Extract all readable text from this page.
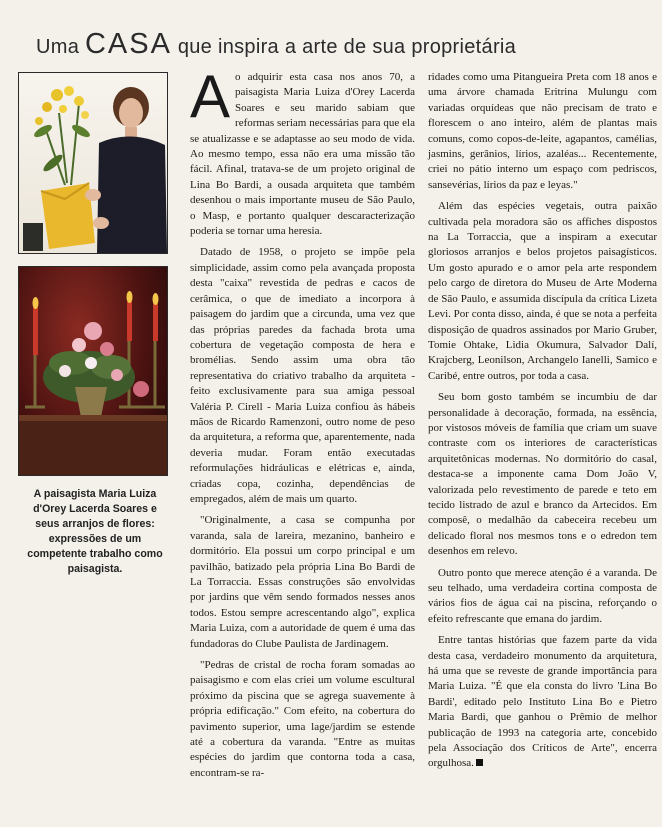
Uma CASA que inspira a arte de sua proprietária
A paisagista Maria Luiza d'Orey Lacerda Soares e seus arranjos de flores: expressões de um competente trabalho como paisagista.

Ao adquirir esta casa nos anos 70, a paisagista Maria Luiza d'Orey Lacerda Soares e seu marido sabiam que reformas seriam necessárias para que ela se atualizasse e se adaptasse ao seu modo de vida. Ao mesmo tempo, essa não era uma missão tão fácil. Afinal, tratava-se de um projeto original de Lina Bo Bardi, a ousada arquiteta que também desenhou o mais importante museu de São Paulo, o Masp, e portanto qualquer descaracterização poderia se tornar uma heresia.

Datado de 1958, o projeto se impõe pela simplicidade, assim como pela avançada proposta desta "caixa" revestida de pedras e cacos de cerâmica, o que de imediato a incorpora à paisagem do jardim que a circunda, uma vez que das próprias paredes da fachada brota uma cobertura de vegetação composta de hera e bromélias. Sendo assim uma obra tão representativa do criativo trabalho da arquiteta - feito exclusivamente para sua amiga pessoal Valéria P. Cirell - Maria Luiza confiou às hábeis mãos de Ricardo Ramenzoni, outro nome de peso da arquitetura, a reforma que, aparentemente, nada deveria mudar. Foram então executadas reformulações hidráulicas e elétricas e, ainda, criadas copa, cozinha, dependências de empregados, além de mais um quarto.

"Originalmente, a casa se compunha por varanda, sala de lareira, mezanino, banheiro e dormitório. Ela possui um corpo principal e um pavilhão, batizado pela própria Lina Bo Bardi de La Torraccia. Essas construções são envolvidas por jardins que vêm sendo formados nesses anos todos. Estou sempre acrescentando algo", explica Maria Luiza, com a autoridade de quem é uma das fundadoras do Clube Paulista de Jardinagem.

"Pedras de cristal de rocha foram somadas ao paisagismo e com elas criei um volume escultural próximo da piscina que se agrega suavemente à própria edificação." Com efeito, na cobertura do pavimento superior, uma lage/jardim se estende até a cobertura da varanda. "Entre as muitas espécies do jardim que contorna toda a casa, encontram-se ra-

ridades como uma Pitangueira Preta com 18 anos e uma árvore chamada Eritrina Mulungu com variadas orquídeas que não precisam de trato e florescem o ano inteiro, além de plantas mais comuns, como copos-de-leite, agapantos, camélias, jasmins, gerânios, lírios, azaléas... Recentemente, criei no pátio interno um espaço com pedriscos, sansevérias, lírios da paz e leyas."

Além das espécies vegetais, outra paixão cultivada pela moradora são os affiches dispostos na La Torraccia, que a inspiram a executar gloriosos arranjos e belos projetos paisagísticos. Um gosto apurado e o amor pela arte respondem pelo cargo de diretora do Museu de Arte Moderna de São Paulo, e assumida discípula da crítica Lizeta Levi. Por conta disso, ainda, é que se nota a perfeita disposição de quadros assinados por Mario Gruber, Tomie Ohtake, Lidia Okumura, Salvador Dalí, Krajcberg, Leonilson, Archangelo Ianelli, Samico e Caribé, entre outros, por toda a casa.

Seu bom gosto também se incumbiu de dar personalidade à decoração, formada, na essência, por vistosos móveis de família que criam um suave contraste com os interiores de características arquitetônicas modernas. No dormitório do casal, destaca-se a imponente cama Dom João V, valorizada pelo revestimento de parede e teto em tecido listrado de azul e branco da Artecidos. Em composê, o medalhão da cabeceira recebeu um delicado floral nos mesmos tons e o edredon tem desenhos em relevo.

Outro ponto que merece atenção é a varanda. De seu telhado, uma verdadeira cortina composta de vários fios de água cai na piscina, reforçando o efeito refrescante que emana do jardim.

Entre tantas histórias que fazem parte da vida desta casa, verdadeiro monumento da arquitetura, há uma que se reveste de grande importância para Maria Luiza. "É que ela consta do livro 'Lina Bo Bardi', editado pelo Instituto Lina Bo e Pietro Maria Bardi, que ganhou o Prêmio de melhor publicação de 1993 na categoria arte, concebido pela Associação dos Críticos de Arte", encerra orgulhosa.
